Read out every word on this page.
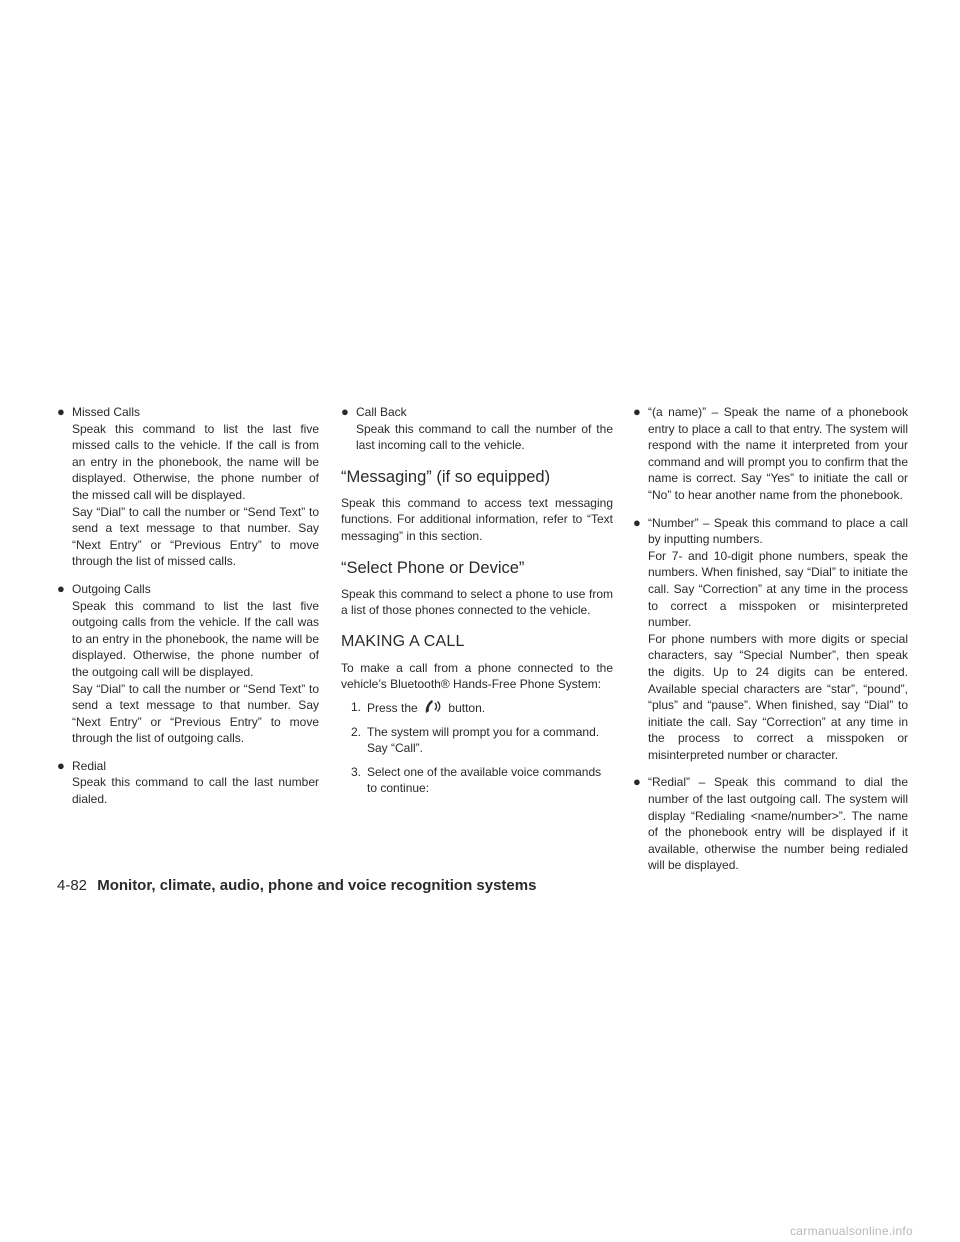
● Missed Calls

Speak this command to list the last five missed calls to the vehicle. If the call is from an entry in the phonebook, the name will be displayed. Otherwise, the phone number of the missed call will be displayed.

Say “Dial” to call the number or “Send Text” to send a text message to that number. Say “Next Entry” or “Previous Entry” to move through the list of missed calls.

● Outgoing Calls

Speak this command to list the last five outgoing calls from the vehicle. If the call was to an entry in the phonebook, the name will be displayed. Otherwise, the phone number of the outgoing call will be displayed.

Say “Dial” to call the number or “Send Text” to send a text message to that number. Say “Next Entry” or “Previous Entry” to move through the list of outgoing calls.

● Redial

Speak this command to call the last number dialed.

● Call Back

Speak this command to call the number of the last incoming call to the vehicle.

“Messaging” (if so equipped)

Speak this command to access text messaging functions. For additional information, refer to “Text messaging” in this section.

“Select Phone or Device”

Speak this command to select a phone to use from a list of those phones connected to the vehicle.

MAKING A CALL

To make a call from a phone connected to the vehicle’s Bluetooth® Hands-Free Phone System:

1. Press the	button.
2. The system will prompt you for a command. Say “Call”.
3. Select one of the available voice commands to continue:
● “(a name)” – Speak the name of a phonebook entry to place a call to that entry. The system will respond with the name it interpreted from your command and will prompt you to confirm that the name is correct. Say “Yes” to initiate the call or “No” to hear another name from the phonebook.

● “Number” – Speak this command to place a call by inputting numbers.

For 7- and 10-digit phone numbers, speak the numbers. When finished, say “Dial” to initiate the call. Say “Correction” at any time in the process to correct a misspoken or misinterpreted number.

For phone numbers with more digits or special characters, say “Special Number”, then speak the digits. Up to 24 digits can be entered. Available special characters are “star”, “pound”, “plus” and “pause”. When finished, say “Dial” to initiate the call. Say “Correction” at any time in the process to correct a misspoken or misinterpreted number or character.

● “Redial” – Speak this command to dial the number of the last outgoing call. The system will display “Redialing <name/number>”. The name of the phonebook entry will be displayed if it available, otherwise the number being redialed will be displayed.

4-82 Monitor, climate, audio, phone and voice recognition systems
carmanualsonline.info
